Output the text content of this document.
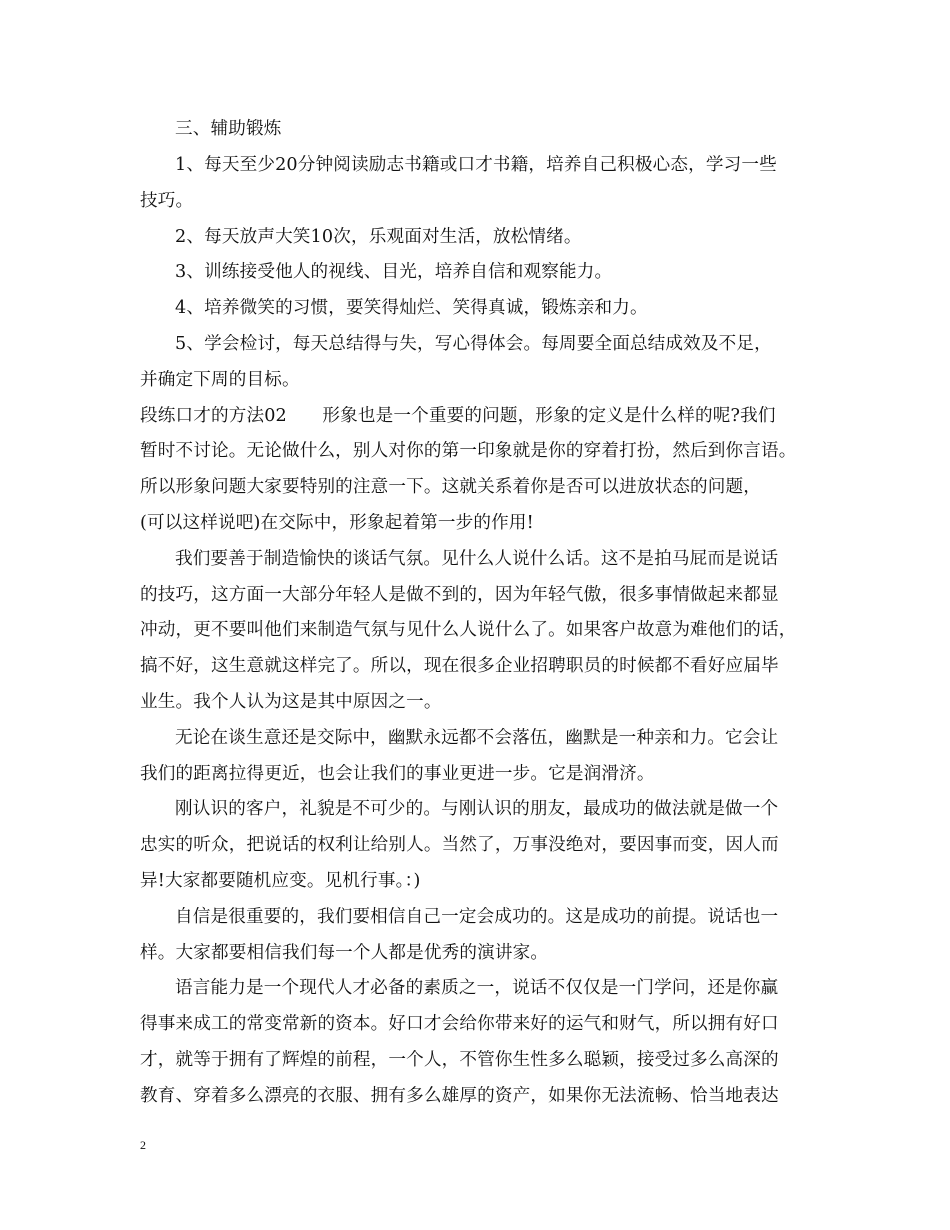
三、辅助锻炼
1、每天至少20分钟阅读励志书籍或口才书籍，培养自己积极心态，学习一些
技巧。
2、每天放声大笑10次，乐观面对生活，放松情绪。
3、训练接受他人的视线、目光，培养自信和观察能力。
4、培养微笑的习惯，要笑得灿烂、笑得真诚，锻炼亲和力。
5、学会检讨，每天总结得与失，写心得体会。每周要全面总结成效及不足，
并确定下周的目标。
段练口才的方法02　　形象也是一个重要的问题，形象的定义是什么样的呢?我们
暂时不讨论。无论做什么，别人对你的第一印象就是你的穿着打扮，然后到你言语。
所以形象问题大家要特别的注意一下。这就关系着你是否可以进放状态的问题，
(可以这样说吧)在交际中，形象起着第一步的作用!
我们要善于制造愉快的谈话气氛。见什么人说什么话。这不是拍马屁而是说话
的技巧，这方面一大部分年轻人是做不到的，因为年轻气傲，很多事情做起来都显
冲动，更不要叫他们来制造气氛与见什么人说什么了。如果客户故意为难他们的话，
搞不好，这生意就这样完了。所以，现在很多企业招聘职员的时候都不看好应届毕
业生。我个人认为这是其中原因之一。
无论在谈生意还是交际中，幽默永远都不会落伍，幽默是一种亲和力。它会让
我们的距离拉得更近，也会让我们的事业更进一步。它是润滑济。
刚认识的客户，礼貌是不可少的。与刚认识的朋友，最成功的做法就是做一个
忠实的听众，把说话的权利让给别人。当然了，万事没绝对，要因事而变，因人而
异!大家都要随机应变。见机行事。：)
自信是很重要的，我们要相信自己一定会成功的。这是成功的前提。说话也一
样。大家都要相信我们每一个人都是优秀的演讲家。
语言能力是一个现代人才必备的素质之一，说话不仅仅是一门学问，还是你赢
得事来成工的常变常新的资本。好口才会给你带来好的运气和财气，所以拥有好口
才，就等于拥有了辉煌的前程，一个人，不管你生性多么聪颖，接受过多么高深的
教育、穿着多么漂亮的衣服、拥有多么雄厚的资产，如果你无法流畅、恰当地表达
2
